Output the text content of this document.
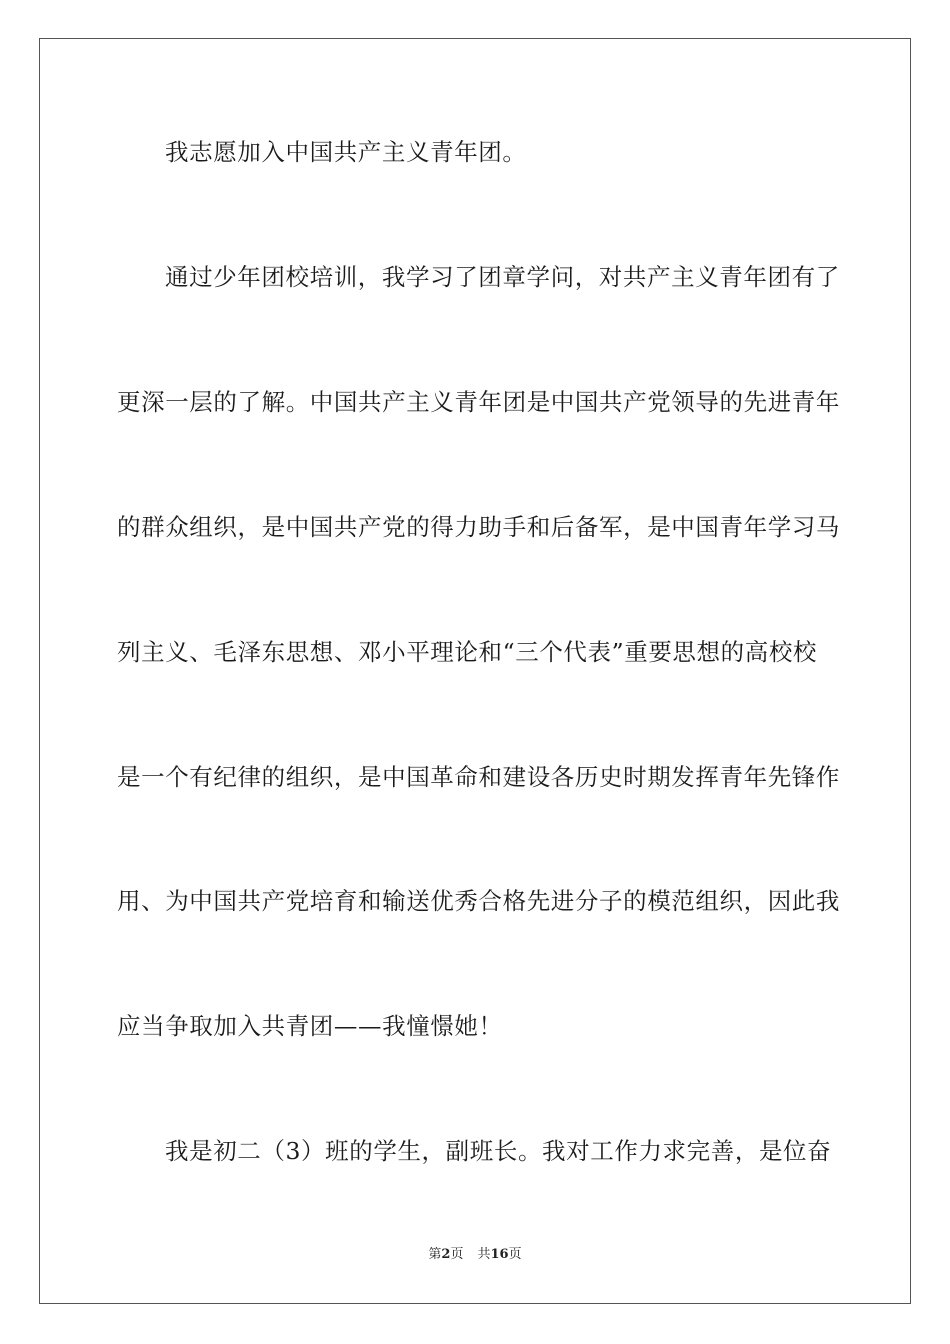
我志愿加入中国共产主义青年团。
通过少年团校培训，我学习了团章学问，对共产主义青年团有了
更深一层的了解。中国共产主义青年团是中国共产党领导的先进青年
的群众组织，是中国共产党的得力助手和后备军，是中国青年学习马
列主义、毛泽东思想、邓小平理论和“三个代表”重要思想的高校校
是一个有纪律的组织，是中国革命和建设各历史时期发挥青年先锋作
用、为中国共产党培育和输送优秀合格先进分子的模范组织，因此我
应当争取加入共青团——我憧憬她！
我是初二（3）班的学生，副班长。我对工作力求完善，是位奋
第2页 共16页
